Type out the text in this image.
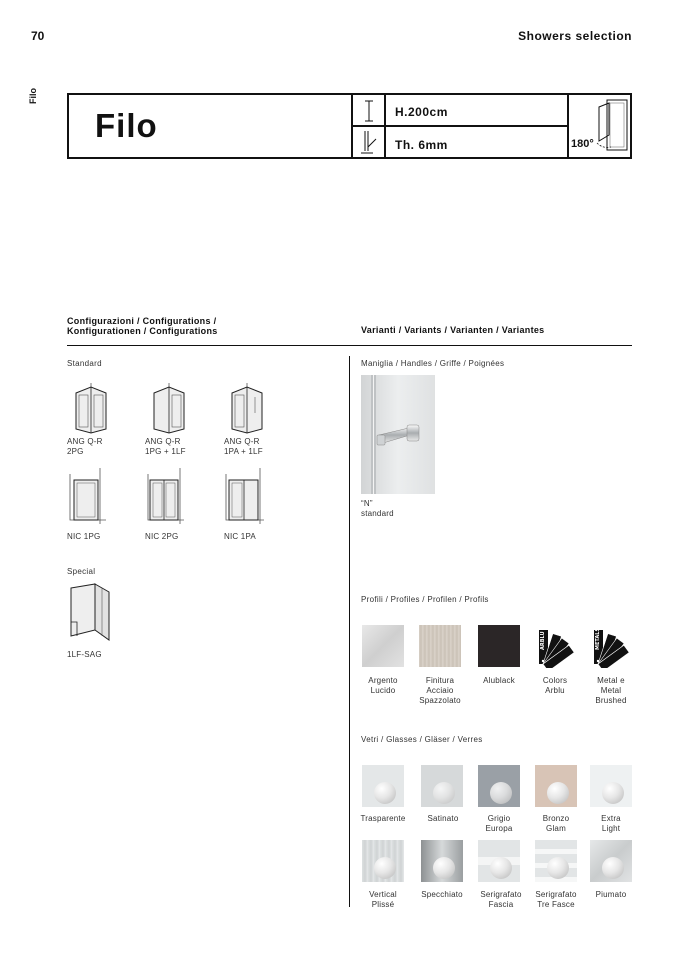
70	Showers selection
Filo
Filo	H.200cm
Th. 6mm	180°
Configurazioni / Configurations /
Konfigurationen / Configurations	Varianti / Variants / Varianten / Variantes
Standard
ANG Q-R
2PG
ANG Q-R
1PG + 1LF
ANG Q-R
1PA + 1LF
NIC 1PG	NIC 2PG	NIC 1PA
Special
1LF-SAG
Maniglia / Handles / Griffe / Poignées
“N”
standard
Profili / Profiles / Profilen / Profils
ARBLU	METALS
Argento
Lucido
Finitura
Acciaio
Spazzolato
Alublack	Colors
Arblu
Metal e
Metal
Brushed
Vetri / Glasses / Gläser / Verres
Trasparente	Satinato	Grigio
Europa
Bronzo
Glam
Extra
Light
Vertical
Plissé
Specchiato	Serigrafato
Fascia
Serigrafato
Tre Fasce
Piumato
